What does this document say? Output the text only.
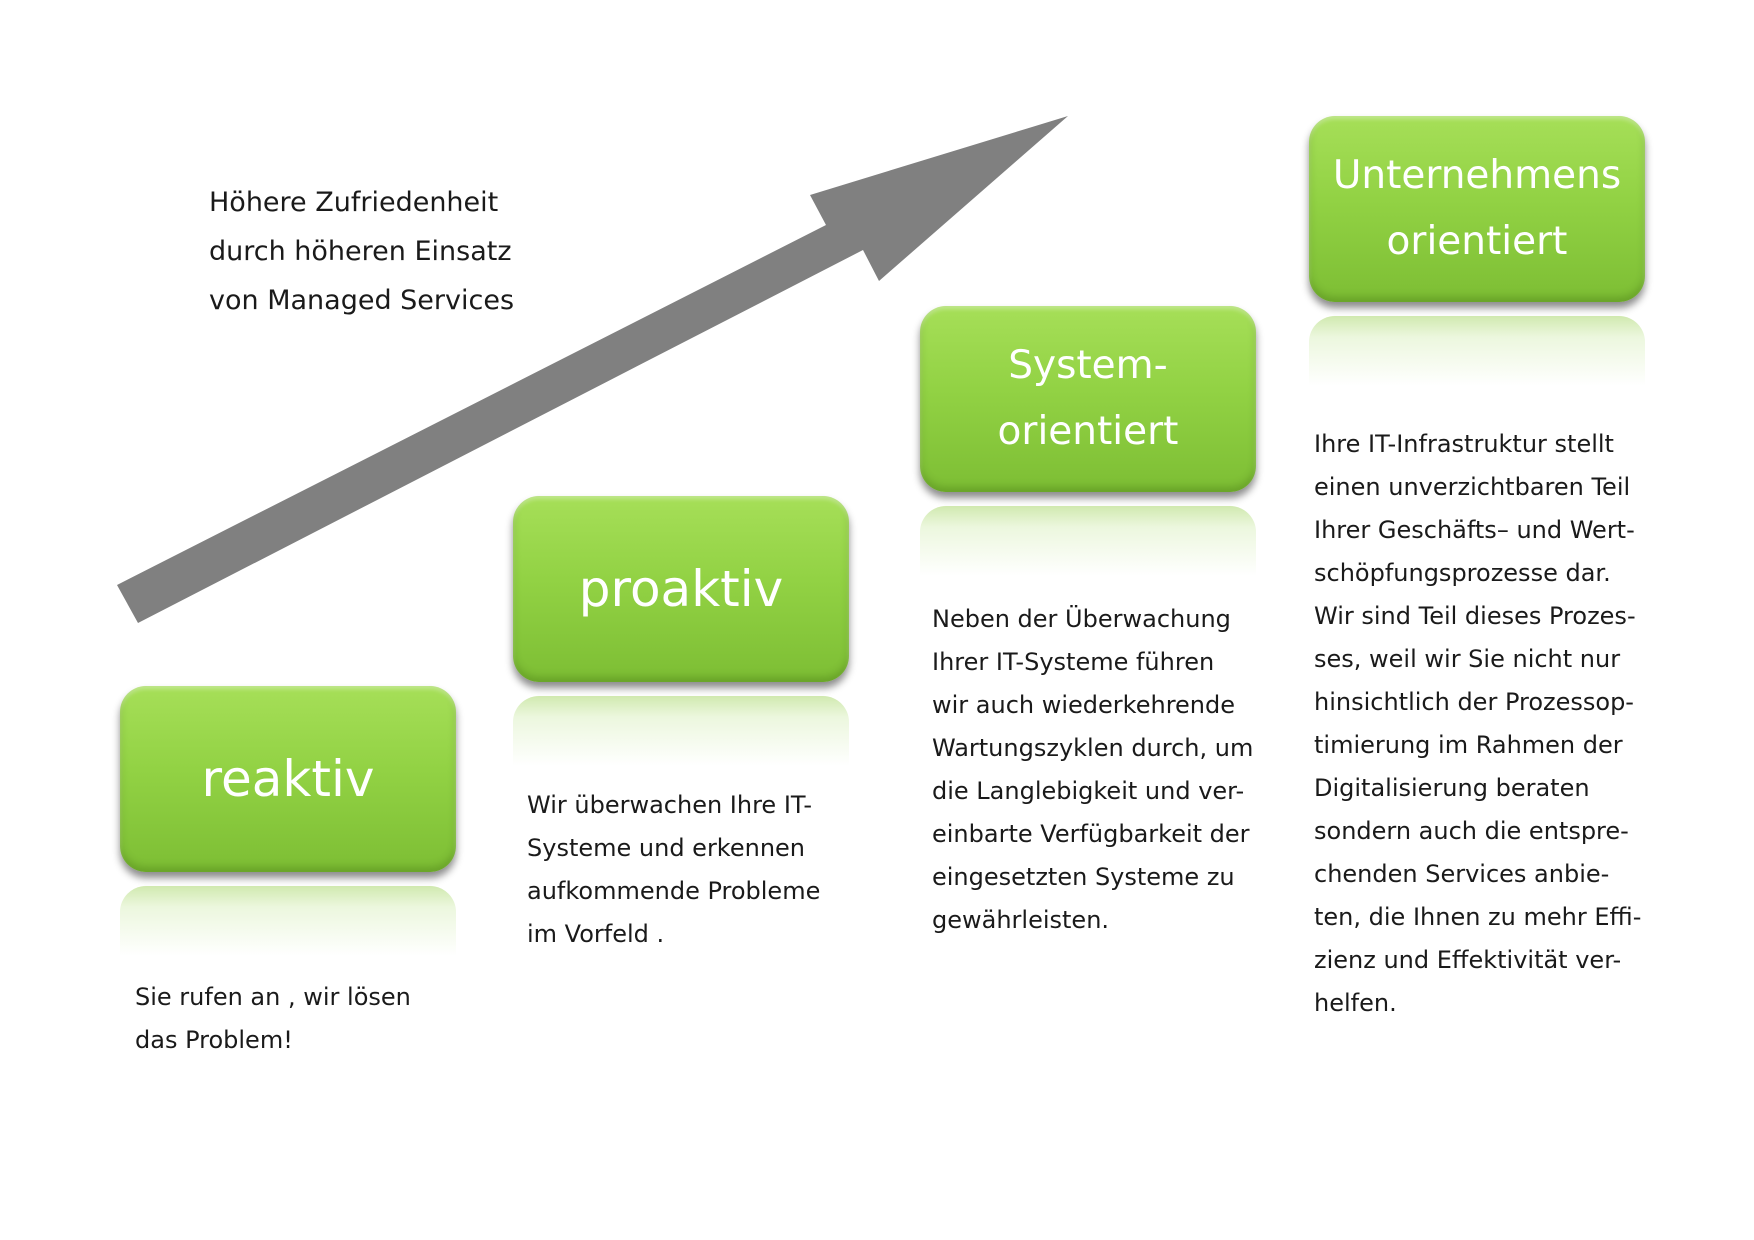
Höhere Zufriedenheit
durch höheren Einsatz
von Managed Services
reaktiv
Sie rufen an , wir lösen
das Problem!
proaktiv
Wir überwachen Ihre IT-
Systeme und erkennen
aufkommende Probleme
im Vorfeld .
System-
orientiert
Neben der Überwachung
Ihrer IT-Systeme führen
wir auch wiederkehrende
Wartungszyklen durch, um
die Langlebigkeit und ver-
einbarte Verfügbarkeit der
eingesetzten Systeme zu
gewährleisten.
Unternehmens
orientiert
Ihre IT-Infrastruktur stellt
einen unverzichtbaren Teil
Ihrer Geschäfts– und Wert-
schöpfungsprozesse dar.
Wir sind Teil dieses Prozes-
ses, weil wir Sie nicht nur
hinsichtlich der Prozessop-
timierung im Rahmen der
Digitalisierung beraten
sondern auch die entspre-
chenden Services anbie-
ten, die Ihnen zu mehr Effi-
zienz und Effektivität ver-
helfen.
